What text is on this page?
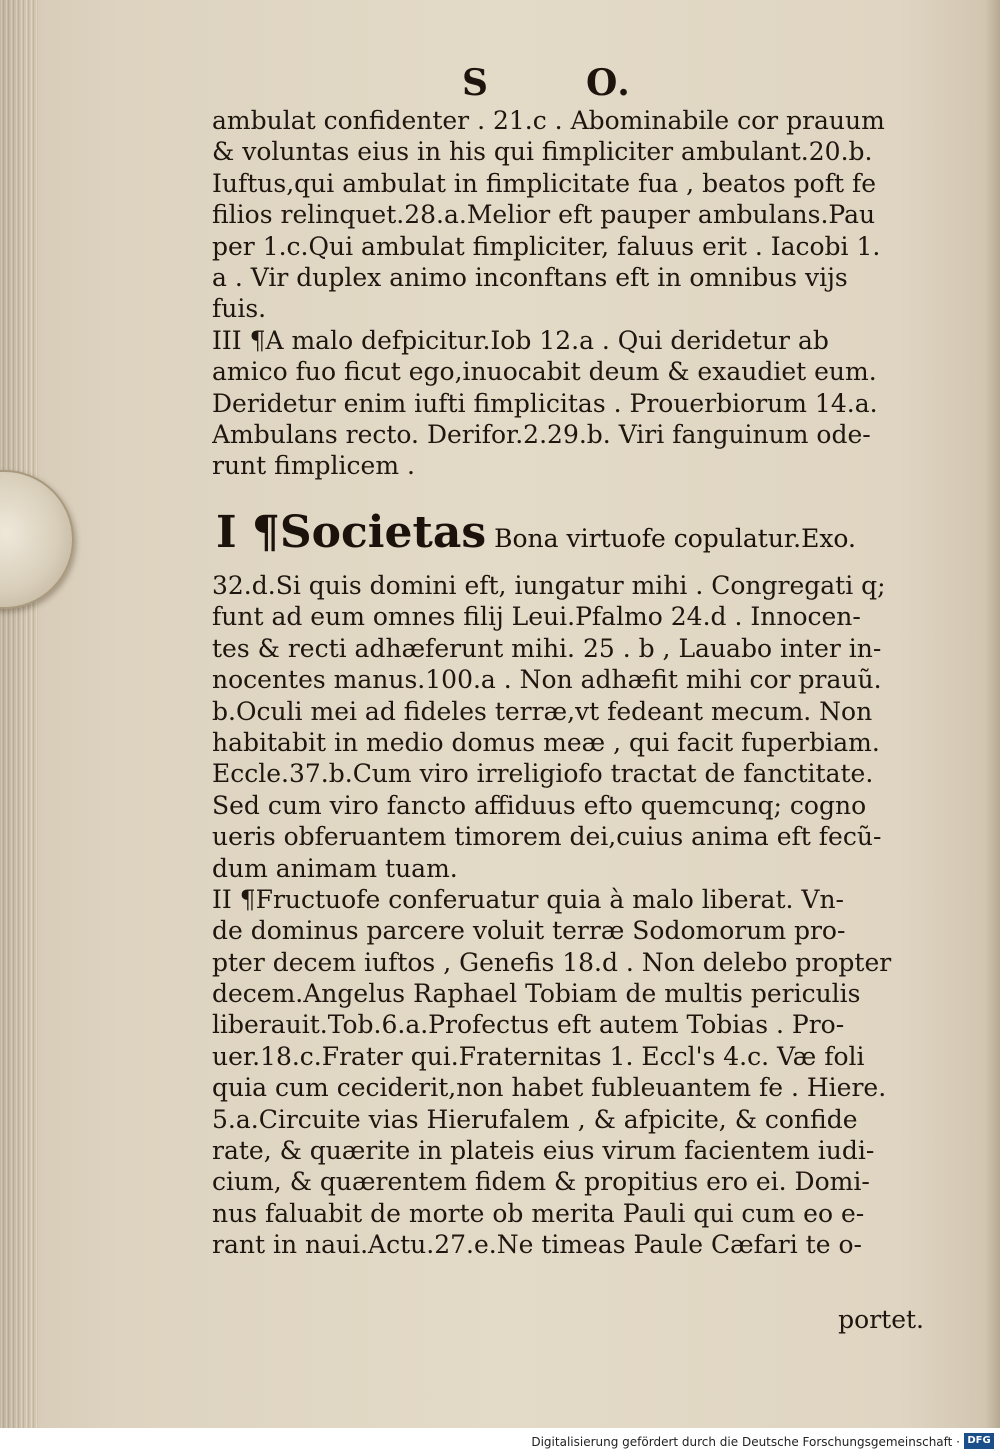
S	O.
ambulat confidenter . 21.c . Abominabile cor prauum
& voluntas eius in his qui fimpliciter ambulant.20.b.
Iuftus,qui ambulat in fimplicitate fua , beatos poft fe
filios relinquet.28.a.Melior eft pauper ambulans.Pau
per 1.c.Qui ambulat fimpliciter, faluus erit . Iacobi 1.
a . Vir duplex animo inconftans eft in omnibus vijs
fuis.
III ¶A malo defpicitur.Iob 12.a . Qui deridetur ab
amico fuo ficut ego,inuocabit deum & exaudiet eum.
Deridetur enim iufti fimplicitas . Prouerbiorum 14.a.
Ambulans recto. Derifor.2.29.b. Viri fanguinum ode-
runt fimplicem .
I ¶Societas Bona virtuofe copulatur.Exo.
32.d.Si quis domini eft, iungatur mihi . Congregati q;
funt ad eum omnes filij Leui.Pfalmo 24.d . Innocen-
tes & recti adhæferunt mihi. 25 . b , Lauabo inter in-
nocentes manus.100.a . Non adhæfit mihi cor prauũ.
b.Oculi mei ad fideles terræ,vt fedeant mecum. Non
habitabit in medio domus meæ , qui facit fuperbiam.
Eccle.37.b.Cum viro irreligiofo tractat de fanctitate.
Sed cum viro fancto affiduus efto quemcunq; cogno
ueris obferuantem timorem dei,cuius anima eft fecũ-
dum animam tuam.
II ¶Fructuofe conferuatur quia à malo liberat. Vn-
de dominus parcere voluit terræ Sodomorum pro-
pter decem iuftos , Genefis 18.d . Non delebo propter
decem.Angelus Raphael Tobiam de multis periculis
liberauit.Tob.6.a.Profectus eft autem Tobias . Pro-
uer.18.c.Frater qui.Fraternitas 1. Eccl's 4.c. Væ foli
quia cum ceciderit,non habet fubleuantem fe . Hiere.
5.a.Circuite vias Hierufalem , & afpicite, & confide
rate, & quærite in plateis eius virum facientem iudi-
cium, & quærentem fidem & propitius ero ei. Domi-
nus faluabit de morte ob merita Pauli qui cum eo e-
rant in naui.Actu.27.e.Ne timeas Paule Cæfari te o-
portet.
Digitalisierung gefördert durch die Deutsche Forschungsgemeinschaft · DFG
